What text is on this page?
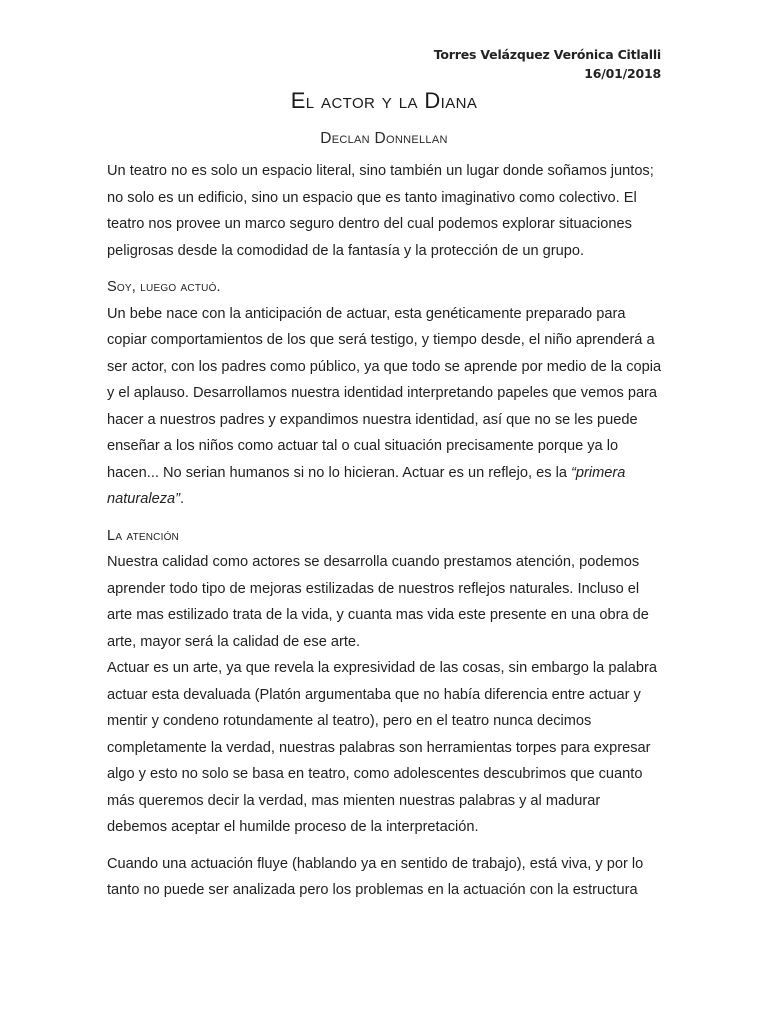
Torres Velázquez Verónica Citlalli
16/01/2018
El actor y la Diana
Declan Donnellan

Un teatro no es solo un espacio literal, sino también un lugar donde soñamos juntos; no solo es un edificio, sino un espacio que es tanto imaginativo como colectivo. El teatro nos provee un marco seguro dentro del cual podemos explorar situaciones peligrosas desde la comodidad de la fantasía y la protección de un grupo.

Soy, luego actuó.

Un bebe nace con la anticipación de actuar, esta genéticamente preparado para copiar comportamientos de los que será testigo, y tiempo desde, el niño aprenderá a ser actor, con los padres como público, ya que todo se aprende por medio de la copia y el aplauso. Desarrollamos nuestra identidad interpretando papeles que vemos para hacer a nuestros padres y expandimos nuestra identidad, así que no se les puede enseñar a los niños como actuar tal o cual situación precisamente porque ya lo hacen... No serian humanos si no lo hicieran. Actuar es un reflejo, es la “primera naturaleza”.

La atención

Nuestra calidad como actores se desarrolla cuando prestamos atención, podemos aprender todo tipo de mejoras estilizadas de nuestros reflejos naturales. Incluso el arte mas estilizado trata de la vida, y cuanta mas vida este presente en una obra de arte, mayor será la calidad de ese arte.

Actuar es un arte, ya que revela la expresividad de las cosas, sin embargo la palabra actuar esta devaluada (Platón argumentaba que no había diferencia entre actuar y mentir y condeno rotundamente al teatro), pero en el teatro nunca decimos completamente la verdad, nuestras palabras son herramientas torpes para expresar algo y esto no solo se basa en teatro, como adolescentes descubrimos que cuanto más queremos decir la verdad, mas mienten nuestras palabras y al madurar debemos aceptar el humilde proceso de la interpretación.

Cuando una actuación fluye (hablando ya en sentido de trabajo), está viva, y por lo tanto no puede ser analizada pero los problemas en la actuación con la estructura
